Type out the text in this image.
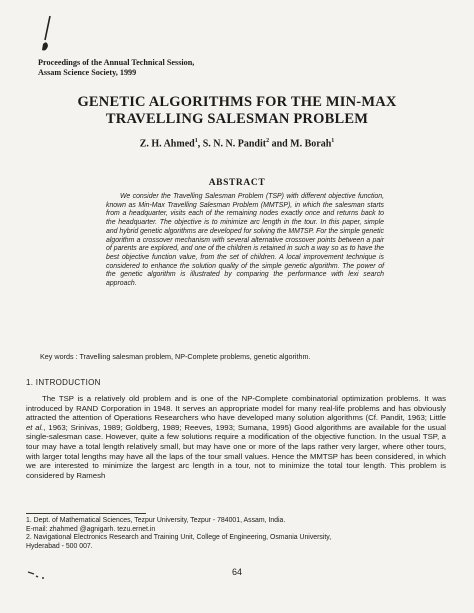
Proceedings of the Annual Technical Session,
Assam Science Society, 1999
GENETIC ALGORITHMS FOR THE MIN-MAX
TRAVELLING SALESMAN PROBLEM
Z. H. Ahmed$^1$, S. N. N. Pandit$^2$ and M. Borah$^1$
ABSTRACT
We consider the Travelling Salesman Problem (TSP) with different objective function, known as Min-Max Travelling Salesman Problem (MMTSP), in which the salesman starts from a headquarter, visits each of the remaining nodes exactly once and returns back to the headquarter. The objective is to minimize arc length in the tour. In this paper, simple and hybrid genetic algorithms are developed for solving the MMTSP. For the simple genetic algorithm a crossover mechanism with several alternative crossover points between a pair of parents are explored, and one of the children is retained in such a way so as to have the best objective function value, from the set of children. A local improvement technique is considered to enhance the solution quality of the simple genetic algorithm. The power of the genetic algorithm is illustrated by comparing the performance with lexi search approach.
Key words : Travelling salesman problem, NP-Complete problems, genetic algorithm.
1. INTRODUCTION
The TSP is a relatively old problem and is one of the NP-Complete combinatorial optimization problems. It was introduced by RAND Corporation in 1948. It serves an appropriate model for many real-life problems and has obviously attracted the attention of Operations Researchers who have developed many solution algorithms (Cf. Pandit, 1963; Little et al., 1963; Srinivas, 1989; Goldberg, 1989; Reeves, 1993; Sumana, 1995) Good algorithms are available for the usual single-salesman case. However, quite a few solutions require a modification of the objective function. In the usual TSP, a tour may have a total length relatively small, but may have one or more of the laps rather very larger, where other tours, with larger total lengths may have all the laps of the tour small values. Hence the MMTSP has been considered, in which we are interested to minimize the largest arc length in a tour, not to minimize the total tour length. This problem is considered by Ramesh
1. Dept. of Mathematical Sciences, Tezpur University, Tezpur - 784001, Assam, India.
E-mail: zhahmed @agnigarh. tezu.ernet.in
2. Navigational Electronics Research and Training Unit, College of Engineering, Osmania University,
Hyderabad - 500 007.
64
